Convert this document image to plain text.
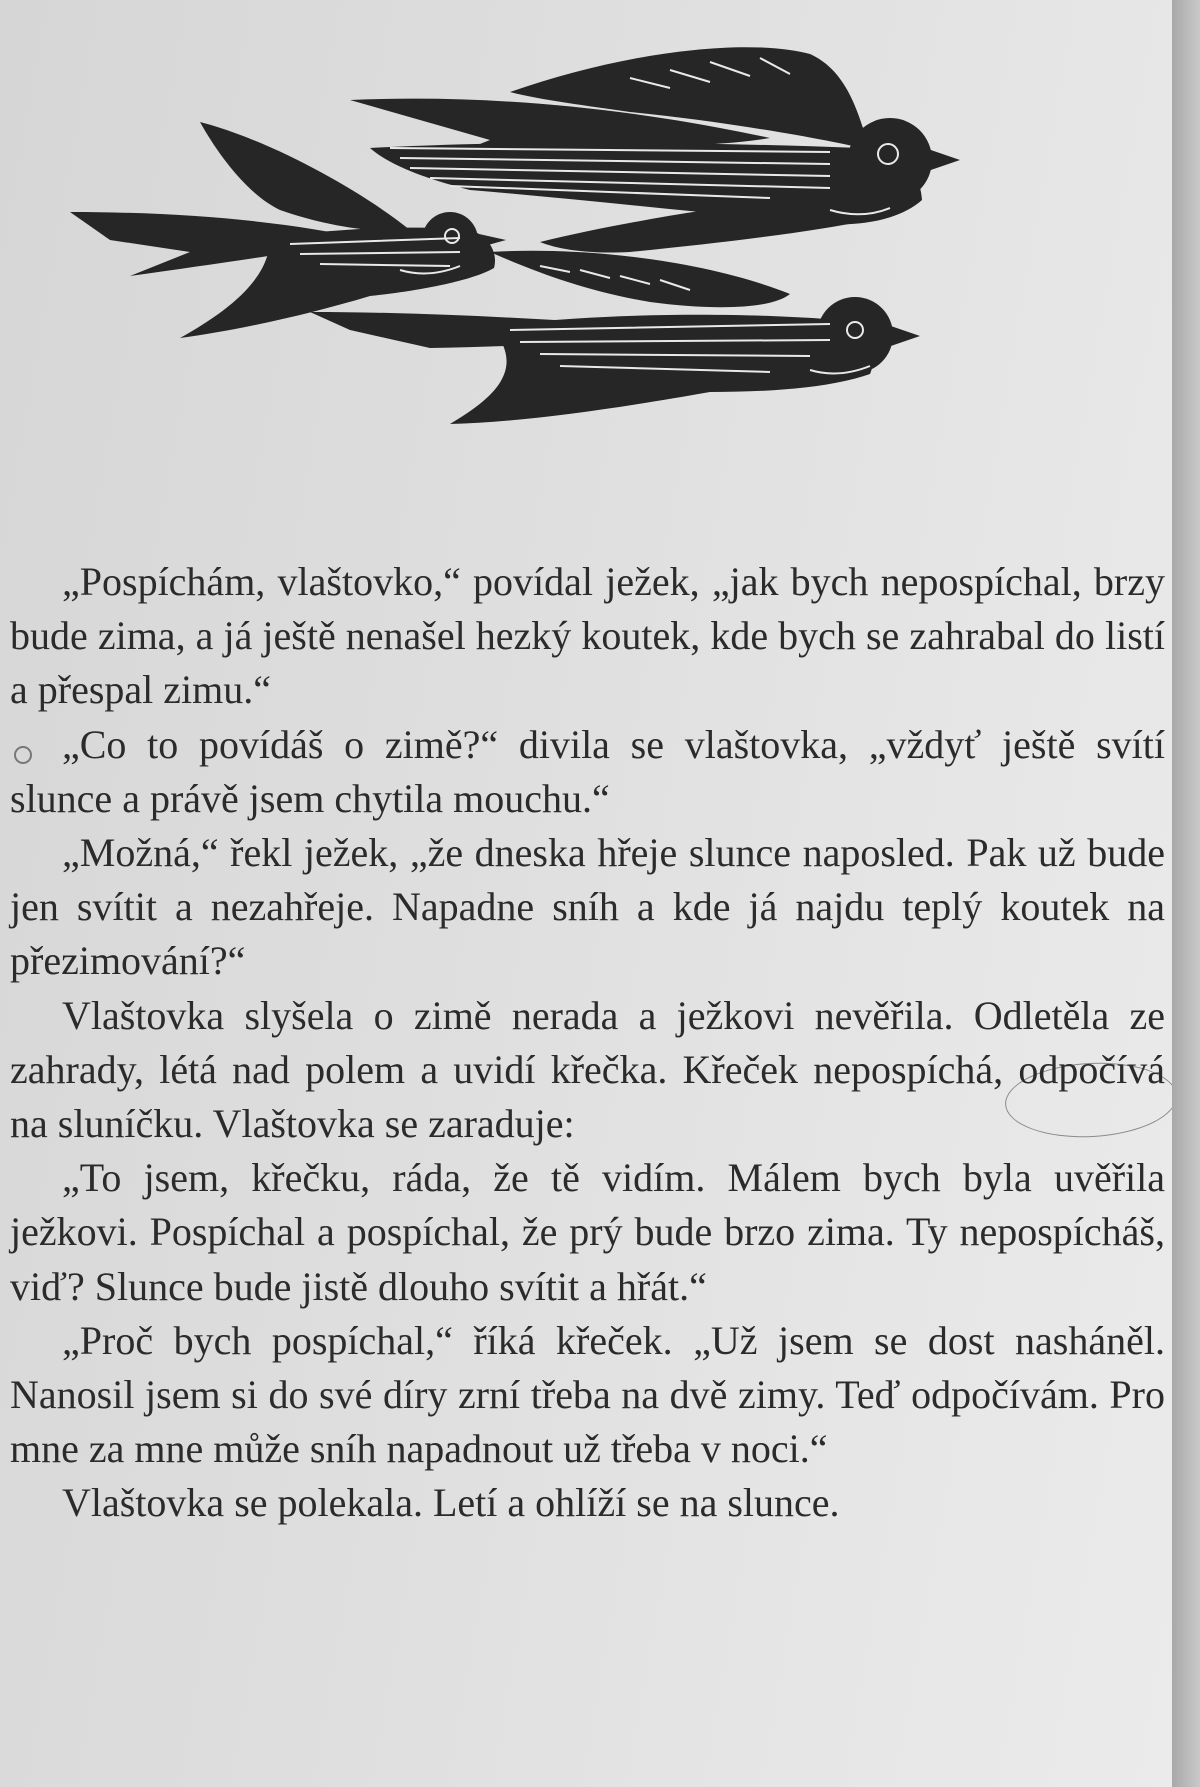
„Pospíchám, vlaštovko,“ povídal ježek, „jak bych nepospíchal, brzy bude zima, a já ještě nenašel hezký koutek, kde bych se zahrabal do listí a přespal zimu.“

„Co to povídáš o zimě?“ divila se vlaštovka, „vždyť ještě svítí slunce a právě jsem chytila mouchu.“

„Možná,“ řekl ježek, „že dneska hřeje slunce naposled. Pak už bude jen svítit a nezahřeje. Napadne sníh a kde já najdu teplý koutek na přezimování?“

Vlaštovka slyšela o zimě nerada a ježkovi nevěřila. Odletěla ze zahrady, létá nad polem a uvidí křečka. Křeček nepospíchá, odpočívá na sluníčku. Vlaštovka se zaraduje:

„To jsem, křečku, ráda, že tě vidím. Málem bych byla uvěřila ježkovi. Pospíchal a pospíchal, že prý bude brzo zima. Ty nepospícháš, viď? Slunce bude jistě dlouho svítit a hřát.“

„Proč bych pospíchal,“ říká křeček. „Už jsem se dost nasháněl. Nanosil jsem si do své díry zrní třeba na dvě zimy. Teď odpočívám. Pro mne za mne může sníh napadnout už třeba v noci.“

Vlaštovka se polekala. Letí a ohlíží se na slunce.
